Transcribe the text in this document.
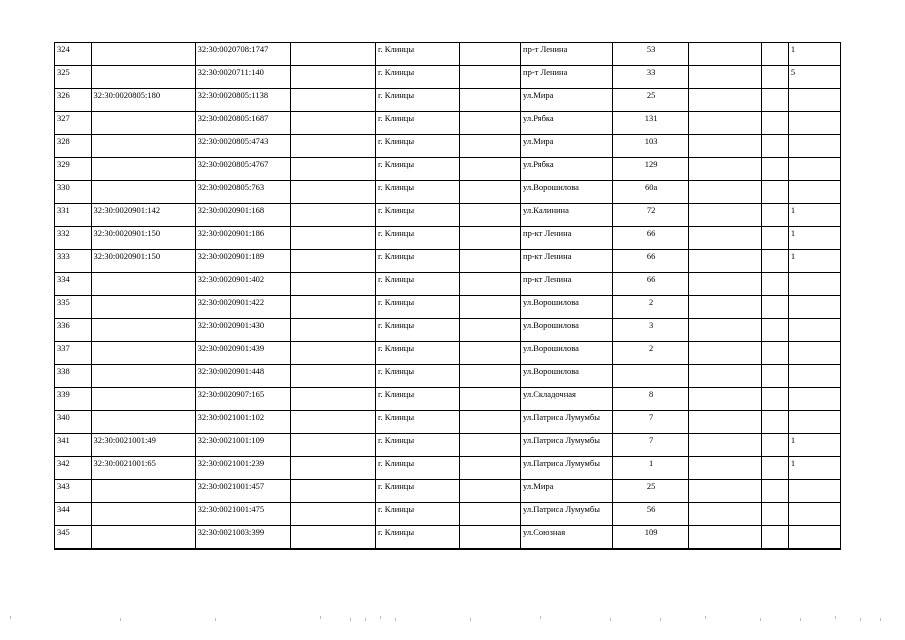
324		32:30:0020708:1747		г. Клинцы		пр-т Ленина	53			1
325		32:30:0020711:140		г. Клинцы		пр-т Ленина	33			5
326	32:30:0020805:180	32:30:0020805:1138		г. Клинцы		ул.Мира	25			
327		32:30:0020805:1687		г. Клинцы		ул.Рябка	131			
328		32:30:0020805:4743		г. Клинцы		ул.Мира	103			
329		32:30:0020805:4767		г. Клинцы		ул.Рябка	129			
330		32:30:0020805:763		г. Клинцы		ул.Ворошилова	60а			
331	32:30:0020901:142	32:30:0020901:168		г. Клинцы		ул.Калинина	72			1
332	32:30:0020901:150	32:30:0020901:186		г. Клинцы		пр-кт Ленина	66			1
333	32:30:0020901:150	32:30:0020901:189		г. Клинцы		пр-кт Ленина	66			1
334		32:30:0020901:402		г. Клинцы		пр-кт Ленина	66			
335		32:30:0020901:422		г. Клинцы		ул.Ворошилова	2			
336		32:30:0020901:430		г. Клинцы		ул.Ворошилова	3			
337		32:30:0020901:439		г. Клинцы		ул.Ворошилова	2			
338		32:30:0020901:448		г. Клинцы		ул.Ворошилова				
339		32:30:0020907:165		г. Клинцы		ул.Складочная	8			
340		32:30:0021001:102		г. Клинцы		ул.Патриса Лумумбы	7			
341	32:30:0021001:49	32:30:0021001:109		г. Клинцы		ул.Патриса Лумумбы	7			1
342	32:30:0021001:65	32:30:0021001:239		г. Клинцы		ул.Патриса Лумумбы	1			1
343		32:30:0021001:457		г. Клинцы		ул.Мира	25			
344		32:30:0021001:475		г. Клинцы		ул.Патриса Лумумбы	56			
345		32:30:0021003:399		г. Клинцы		ул.Союзная	109			
